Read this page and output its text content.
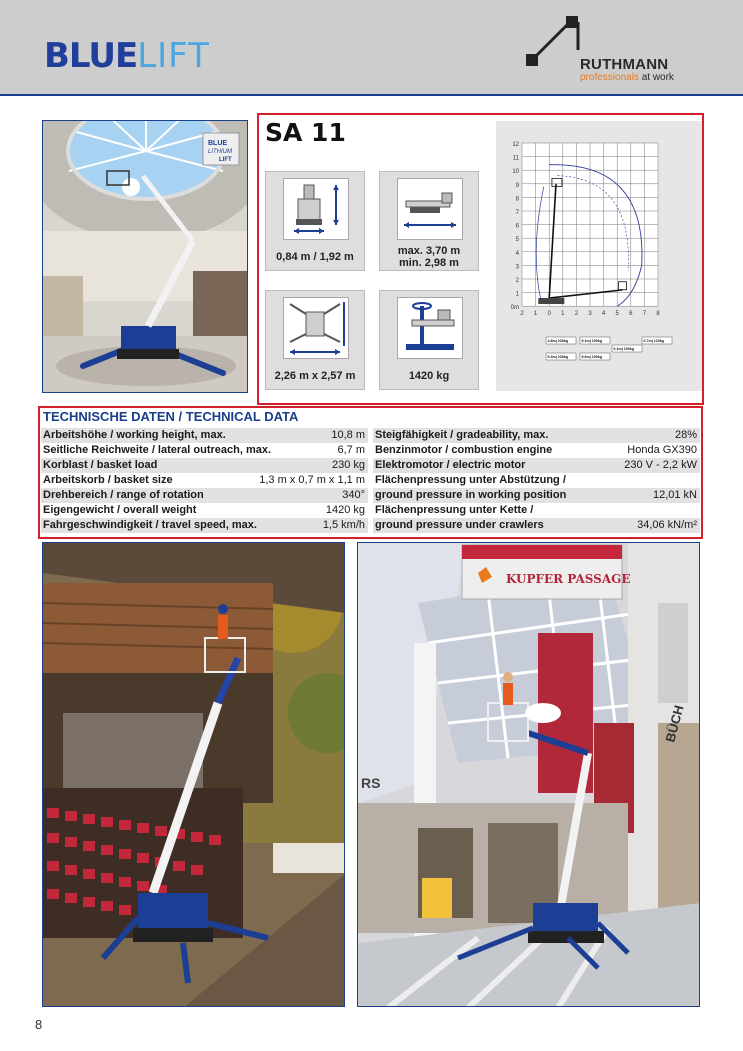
BLUELIFT	RUTHMANN
professionals at work
BLUE
LITHIUM
LIFT
SA 11
0,84 m / 1,92 m	max. 3,70 m
min. 2,98 m
2,26 m x 2,57 m	1420 kg
12
11
10
9
8
7
6
5
4
3
2
1
0m
2 1 0 1 2 3 4 5 6 7 8
4.8m| 230kg	5.1m| 200kg
5.3m| 230kg	5.6m| 200kg
6.1m| 150kg
6.7m| 120kg
TECHNISCHE DATEN / TECHNICAL DATA
Arbeitshöhe / working height, max.	10,8 m
Seitliche Reichweite / lateral outreach, max.	6,7 m
Korblast / basket load	230 kg
Arbeitskorb / basket size	1,3 m x 0,7 m x 1,1 m
Drehbereich / range of rotation	340°
Eigengewicht / overall weight	1420 kg
Fahrgeschwindigkeit / travel speed, max.	1,5 km/h
Steigfähigkeit / gradeability, max.	28%
Benzinmotor / combustion engine	Honda GX390
Elektromotor / electric motor	230 V - 2,2 kW
Flächenpressung unter Abstützung /
ground pressure in working position	12,01 kN
Flächenpressung unter Kette /
ground pressure under crawlers	34,06 kN/m²
KUPFER PASSAGE
RS
BÜCH
8
